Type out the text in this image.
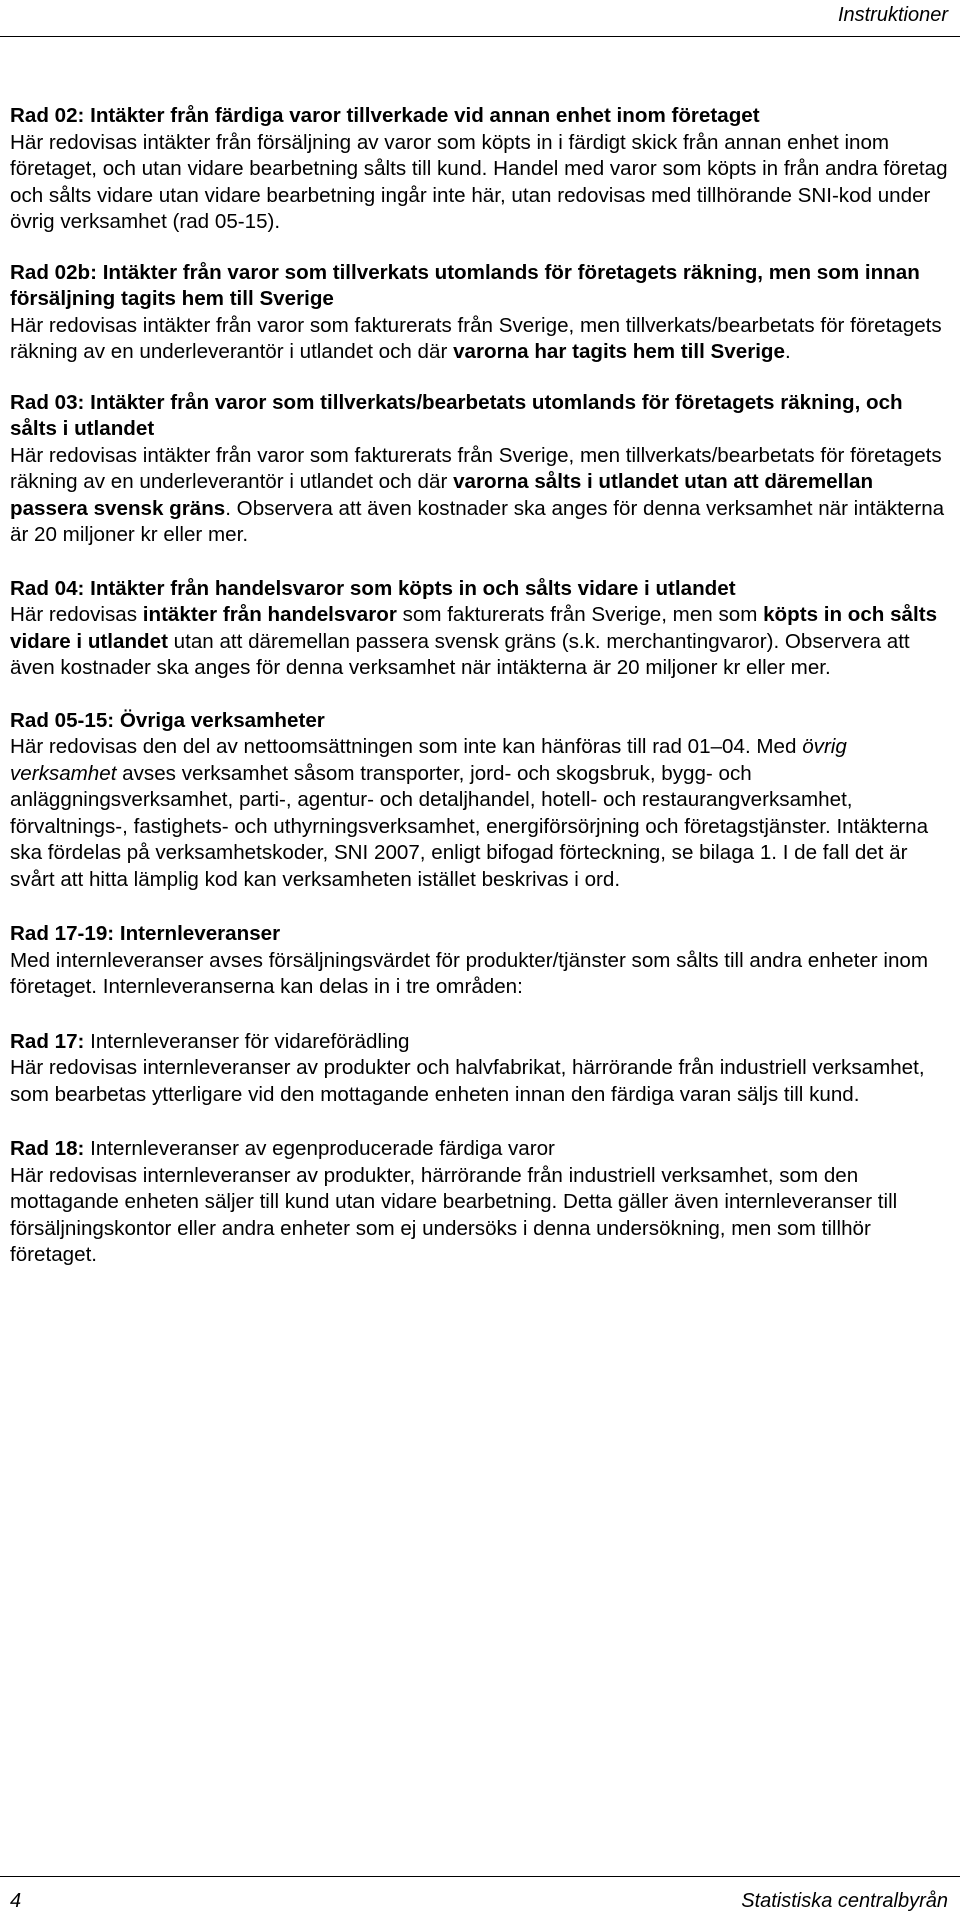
Instruktioner

Rad 02: Intäkter från färdiga varor tillverkade vid annan enhet inom företaget

Här redovisas intäkter från försäljning av varor som köpts in i färdigt skick från annan enhet inom företaget, och utan vidare bearbetning sålts till kund. Handel med varor som köpts in från andra företag och sålts vidare utan vidare bearbetning ingår inte här, utan redovisas med tillhörande SNI-kod under övrig verksamhet (rad 05-15).

Rad 02b: Intäkter från varor som tillverkats utomlands för företagets räkning, men som innan försäljning tagits hem till Sverige

Här redovisas intäkter från varor som fakturerats från Sverige, men tillverkats/bearbetats för företagets räkning av en underleverantör i utlandet och där varorna har tagits hem till Sverige.

Rad 03: Intäkter från varor som tillverkats/bearbetats utomlands för företagets räkning, och sålts i utlandet

Här redovisas intäkter från varor som fakturerats från Sverige, men tillverkats/bearbetats för företagets räkning av en underleverantör i utlandet och där varorna sålts i utlandet utan att däremellan passera svensk gräns. Observera att även kostnader ska anges för denna verksamhet när intäkterna är 20 miljoner kr eller mer.

Rad 04: Intäkter från handelsvaror som köpts in och sålts vidare i utlandet

Här redovisas intäkter från handelsvaror som fakturerats från Sverige, men som köpts in och sålts vidare i utlandet utan att däremellan passera svensk gräns (s.k. merchantingvaror). Observera att även kostnader ska anges för denna verksamhet när intäkterna är 20 miljoner kr eller mer.

Rad 05-15: Övriga verksamheter

Här redovisas den del av nettoomsättningen som inte kan hänföras till rad 01–04. Med övrig verksamhet avses verksamhet såsom transporter, jord- och skogsbruk, bygg- och anläggningsverksamhet, parti-, agentur- och detaljhandel, hotell- och restaurangverksamhet, förvaltnings-, fastighets- och uthyrningsverksamhet, energiförsörjning och företagstjänster. Intäkterna ska fördelas på verksamhetskoder, SNI 2007, enligt bifogad förteckning, se bilaga 1. I de fall det är svårt att hitta lämplig kod kan verksamheten istället beskrivas i ord.

Rad 17-19: Internleveranser

Med internleveranser avses försäljningsvärdet för produkter/tjänster som sålts till andra enheter inom företaget. Internleveranserna kan delas in i tre områden:

Rad 17: Internleveranser för vidareförädling

Här redovisas internleveranser av produkter och halvfabrikat, härrörande från industriell verksamhet, som bearbetas ytterligare vid den mottagande enheten innan den färdiga varan säljs till kund.

Rad 18: Internleveranser av egenproducerade färdiga varor

Här redovisas internleveranser av produkter, härrörande från industriell verksamhet, som den mottagande enheten säljer till kund utan vidare bearbetning. Detta gäller även internleveranser till försäljningskontor eller andra enheter som ej undersöks i denna undersökning, men som tillhör företaget.

4	Statistiska centralbyrån
